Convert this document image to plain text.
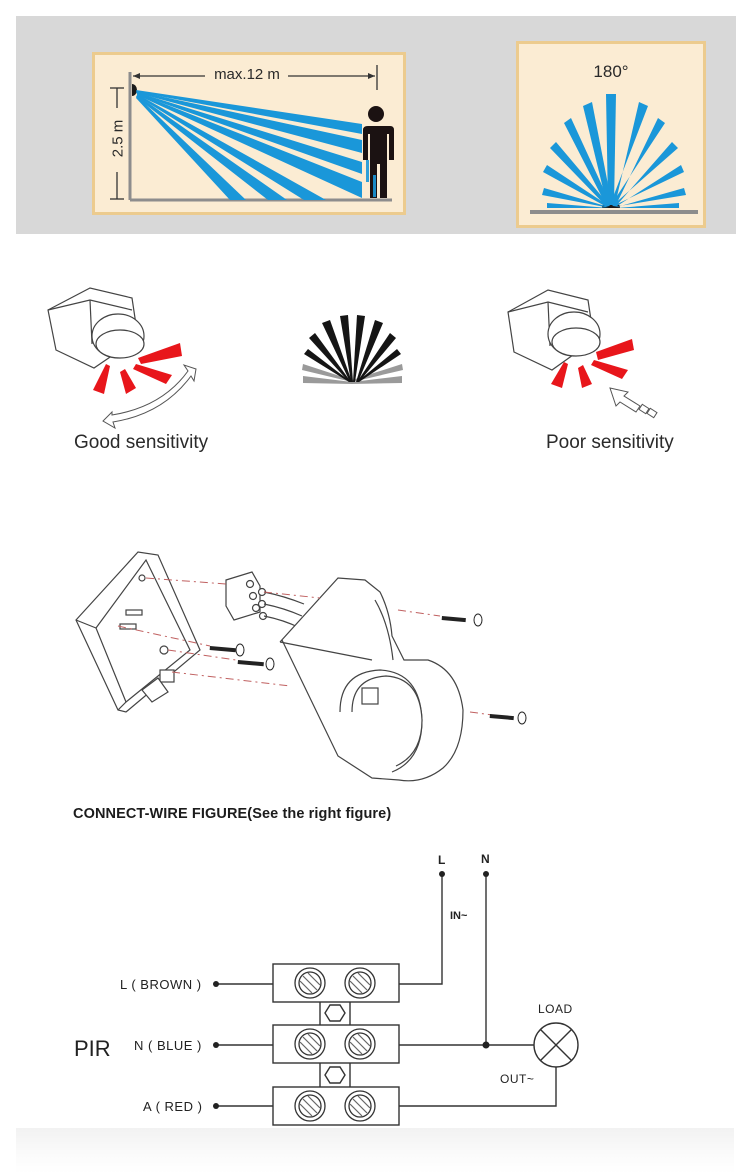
max.12 m
2.5 m
180°
Good sensitivity	Poor sensitivity
CONNECT-WIRE FIGURE(See the right figure)
L	N
IN~
L ( BROWN )
N ( BLUE )
A ( RED )
PIR
LOAD
OUT~
